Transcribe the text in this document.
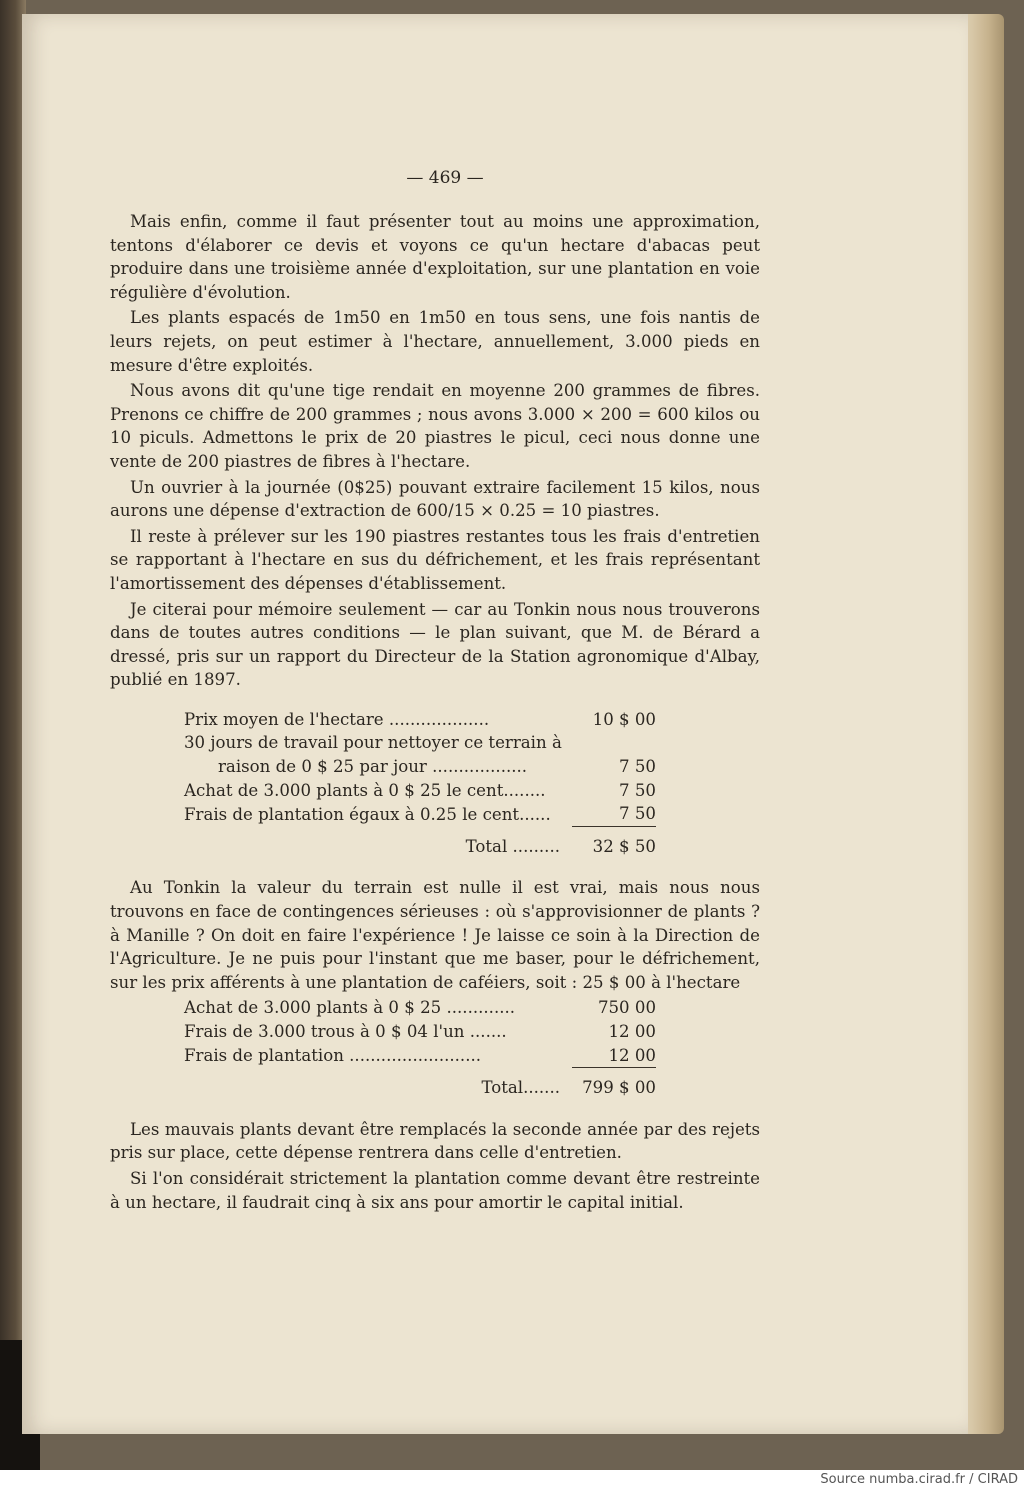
— 469 —

Mais enfin, comme il faut présenter tout au moins une approximation, tentons d'élaborer ce devis et voyons ce qu'un hectare d'abacas peut produire dans une troisième année d'exploitation, sur une plantation en voie régulière d'évolution.

Les plants espacés de 1m50 en 1m50 en tous sens, une fois nantis de leurs rejets, on peut estimer à l'hectare, annuellement, 3.000 pieds en mesure d'être exploités.

Nous avons dit qu'une tige rendait en moyenne 200 grammes de fibres. Prenons ce chiffre de 200 grammes ; nous avons 3.000 × 200 = 600 kilos ou 10 piculs. Admettons le prix de 20 piastres le picul, ceci nous donne une vente de 200 piastres de fibres à l'hectare.

Un ouvrier à la journée (0$25) pouvant extraire facilement 15 kilos, nous aurons une dépense d'extraction de 600/15 × 0.25 = 10 piastres.

Il reste à prélever sur les 190 piastres restantes tous les frais d'entretien se rapportant à l'hectare en sus du défrichement, et les frais représentant l'amortissement des dépenses d'établissement.

Je citerai pour mémoire seulement — car au Tonkin nous nous trouverons dans de toutes autres conditions — le plan suivant, que M. de Bérard a dressé, pris sur un rapport du Directeur de la Station agronomique d'Albay, publié en 1897.

Prix moyen de l'hectare ...................	10 $ 00
30 jours de travail pour nettoyer ce terrain à	
raison de 0 $ 25 par jour ..................	7 50
Achat de 3.000 plants à 0 $ 25 le cent........	7 50
Frais de plantation égaux à 0.25 le cent......	7 50
Total .........	32 $ 50

Au Tonkin la valeur du terrain est nulle il est vrai, mais nous nous trouvons en face de contingences sérieuses : où s'approvisionner de plants ? à Manille ? On doit en faire l'expérience ! Je laisse ce soin à la Direction de l'Agriculture. Je ne puis pour l'instant que me baser, pour le défrichement, sur les prix afférents à une plantation de caféiers, soit : 25 $ 00 à l'hectare

Achat de 3.000 plants à 0 $ 25 .............	750 00
Frais de 3.000 trous à 0 $ 04 l'un .......	12 00
Frais de plantation .........................	12 00
Total.......	799 $ 00

Les mauvais plants devant être remplacés la seconde année par des rejets pris sur place, cette dépense rentrera dans celle d'entretien.

Si l'on considérait strictement la plantation comme devant être restreinte à un hectare, il faudrait cinq à six ans pour amortir le capital initial.

Source numba.cirad.fr / CIRAD
